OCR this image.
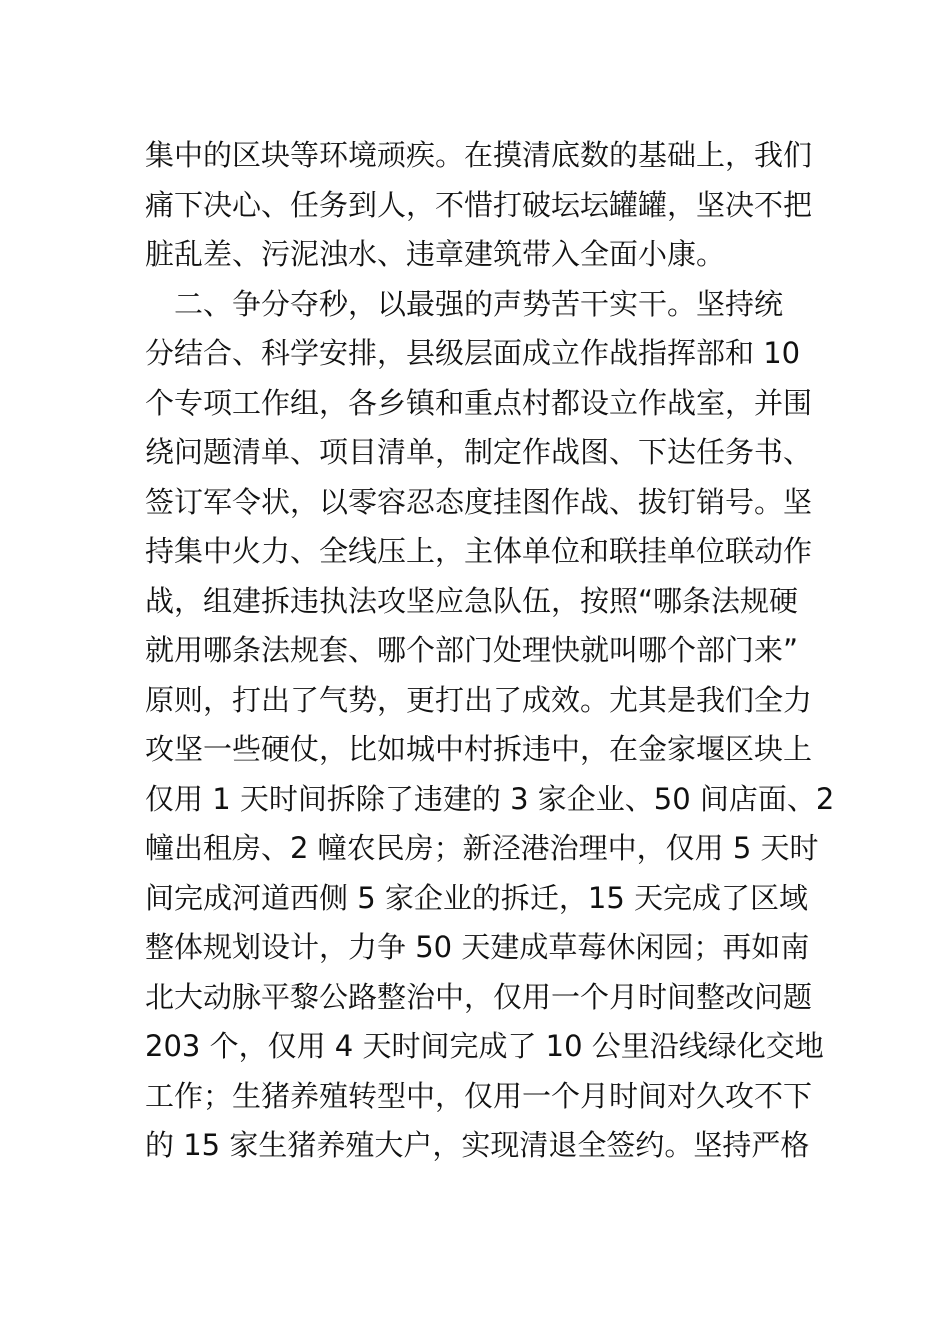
集中的区块等环境顽疾。在摸清底数的基础上，我们
痛下决心、任务到人，不惜打破坛坛罐罐，坚决不把
脏乱差、污泥浊水、违章建筑带入全面小康。
　二、争分夺秒，以最强的声势苦干实干。坚持统
分结合、科学安排，县级层面成立作战指挥部和 10
个专项工作组，各乡镇和重点村都设立作战室，并围
绕问题清单、项目清单，制定作战图、下达任务书、
签订军令状，以零容忍态度挂图作战、拔钉销号。坚
持集中火力、全线压上，主体单位和联挂单位联动作
战，组建拆违执法攻坚应急队伍，按照“哪条法规硬
就用哪条法规套、哪个部门处理快就叫哪个部门来”
原则，打出了气势，更打出了成效。尤其是我们全力
攻坚一些硬仗，比如城中村拆违中，在金家堰区块上
仅用 1 天时间拆除了违建的 3 家企业、50 间店面、2
幢出租房、2 幢农民房；新泾港治理中，仅用 5 天时
间完成河道西侧 5 家企业的拆迁，15 天完成了区域
整体规划设计，力争 50 天建成草莓休闲园；再如南
北大动脉平黎公路整治中，仅用一个月时间整改问题
203 个，仅用 4 天时间完成了 10 公里沿线绿化交地
工作；生猪养殖转型中，仅用一个月时间对久攻不下
的 15 家生猪养殖大户，实现清退全签约。坚持严格
